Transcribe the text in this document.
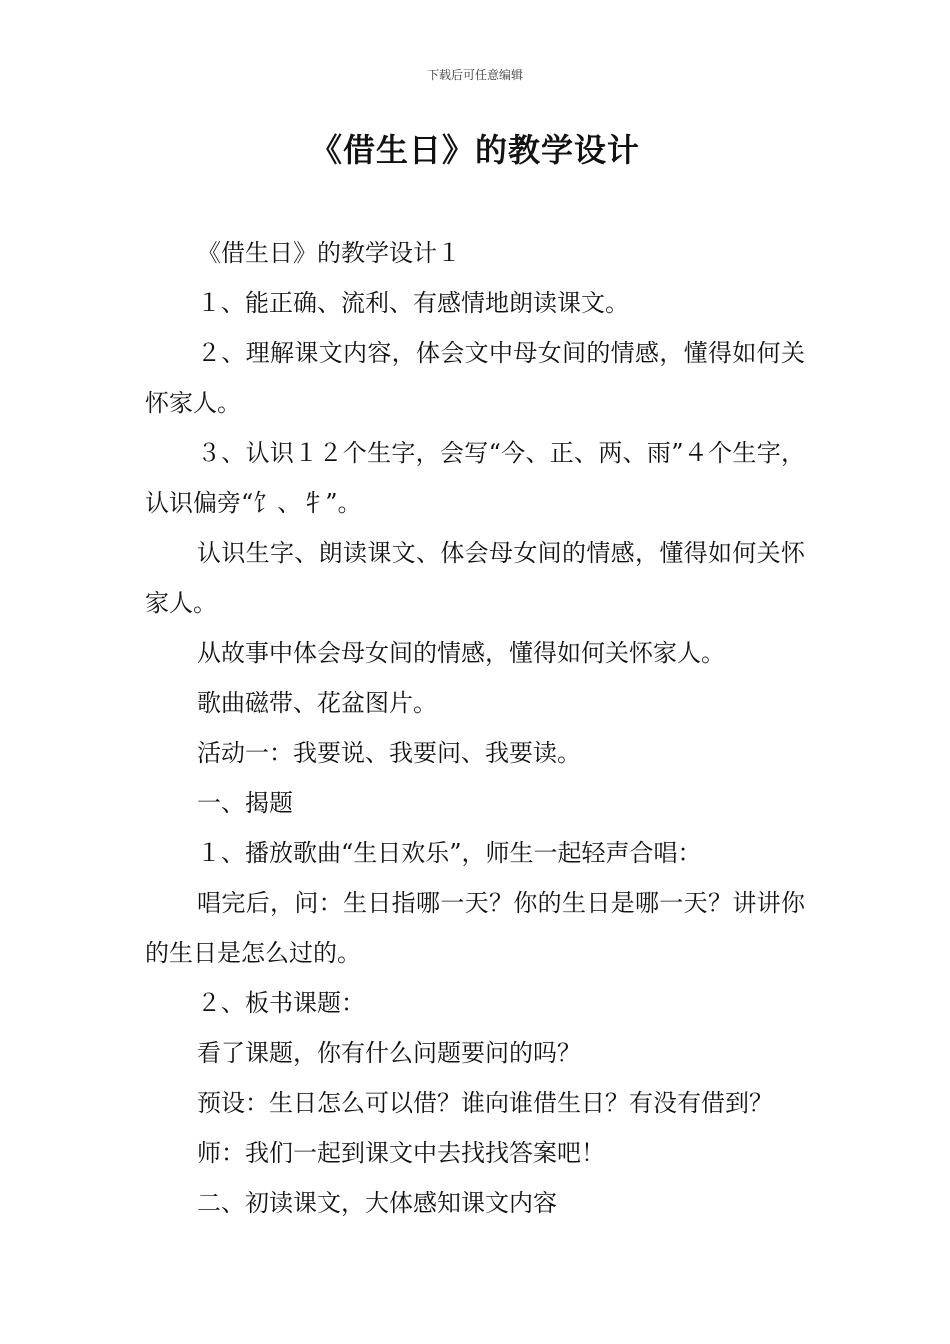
下载后可任意编辑
《借生日》的教学设计

《借生日》的教学设计１

１、能正确、流利、有感情地朗读课文。

２、理解课文内容，体会文中母女间的情感，懂得如何关怀家人。

３、认识１２个生字，会写“今、正、两、雨”４个生字，认识偏旁“饣、牜”。

认识生字、朗读课文、体会母女间的情感，懂得如何关怀家人。

从故事中体会母女间的情感，懂得如何关怀家人。

歌曲磁带、花盆图片。

活动一：我要说、我要问、我要读。

一、揭题

１、播放歌曲“生日欢乐”，师生一起轻声合唱：

唱完后，问：生日指哪一天？你的生日是哪一天？讲讲你的生日是怎么过的。

２、板书课题：

看了课题，你有什么问题要问的吗？

预设：生日怎么可以借？谁向谁借生日？有没有借到？

师：我们一起到课文中去找找答案吧！

二、初读课文，大体感知课文内容
